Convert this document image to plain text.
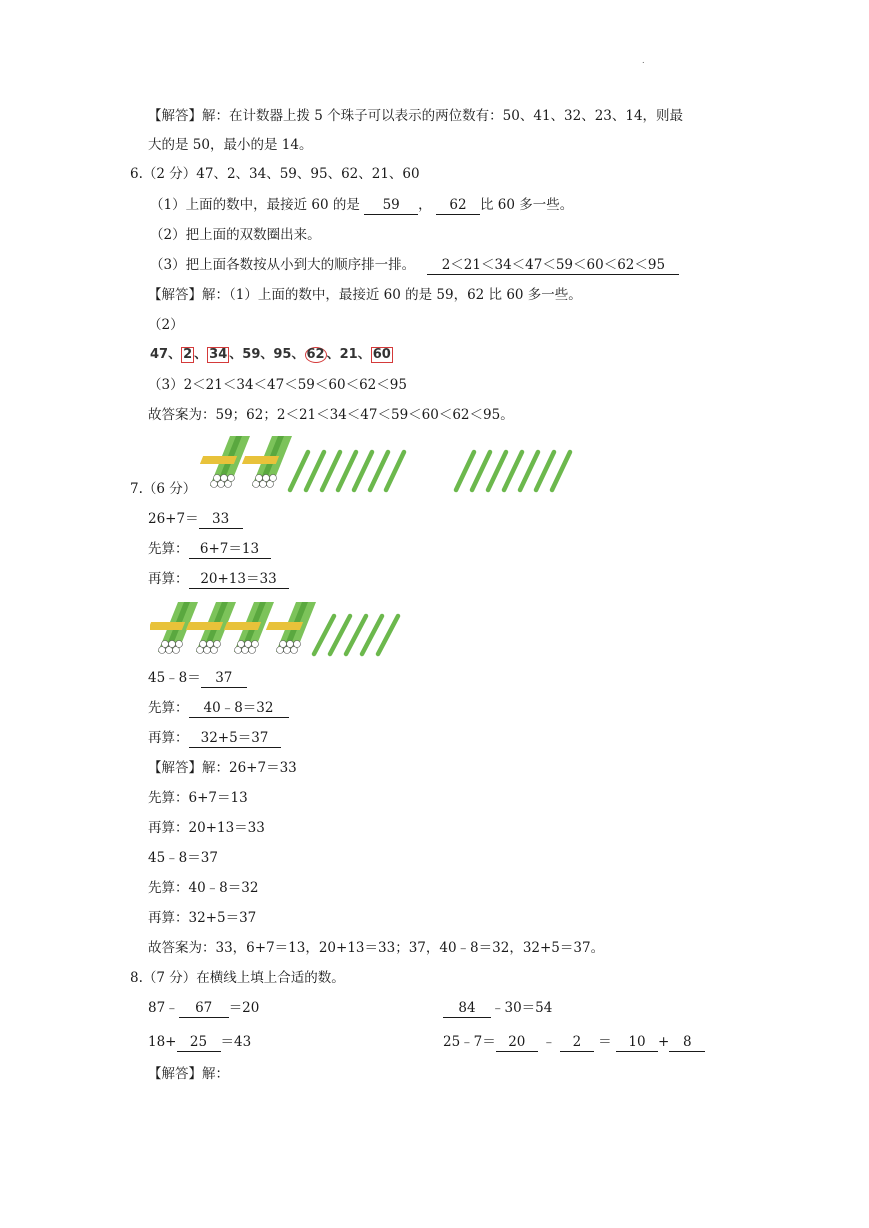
.
【解答】解：在计数器上拨 5 个珠子可以表示的两位数有：50、41、32、23、14，则最
大的是 50，最小的是 14。
6.（2 分）47、2、34、59、95、62、21、60
（1）上面的数中，最接近 60 的是 59 ， 62 比 60 多一些。
（2）把上面的双数圈出来。
（3）把上面各数按从小到大的顺序排一排。 2＜21＜34＜47＜59＜60＜62＜95
【解答】解：（1）上面的数中，最接近 60 的是 59，62 比 60 多一些。
（2）
47、 2 、 34 、59、95、 62 、21、 60
（3）2＜21＜34＜47＜59＜60＜62＜95
故答案为：59；62；2＜21＜34＜47＜59＜60＜62＜95。
7.（6 分）
26+7＝ 33
先算： 6+7＝13
再算： 20+13＝33
45﹣8＝ 37
先算： 40﹣8＝32
再算： 32+5＝37
【解答】解：26+7＝33
先算：6+7＝13
再算：20+13＝33
45﹣8＝37
先算：40﹣8＝32
再算：32+5＝37
故答案为：33，6+7＝13，20+13＝33；37，40﹣8＝32，32+5＝37。
8.（7 分）在横线上填上合适的数。
87﹣ 67 ＝20	84 ﹣30＝54
18+ 25 ＝43	25﹣7＝ 20 ﹣ 2 ＝ 10 + 8
【解答】解：
